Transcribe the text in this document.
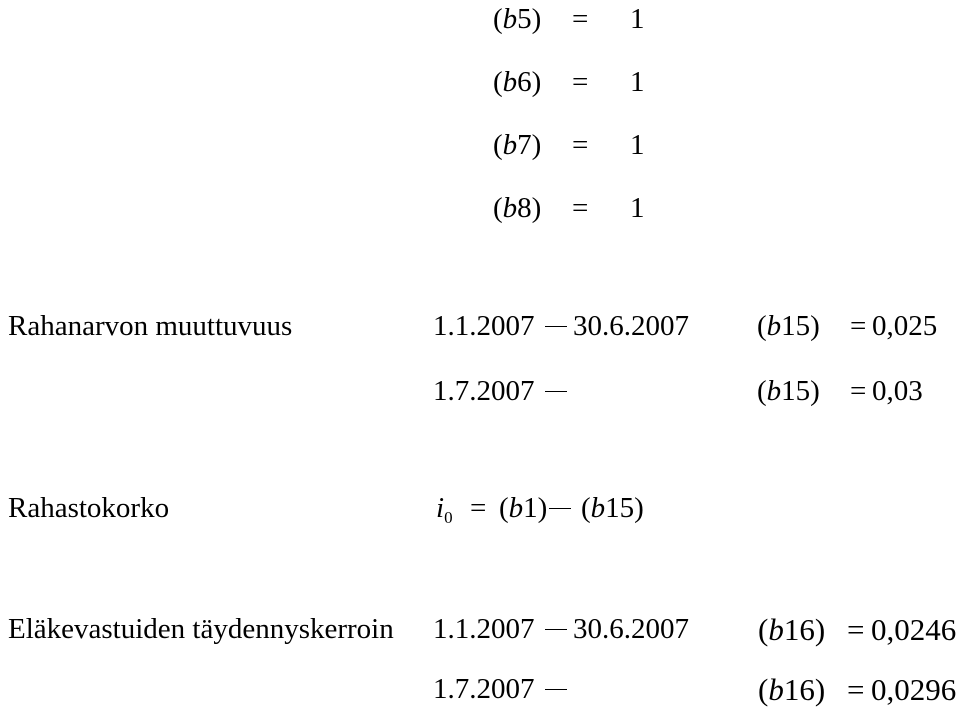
(b5) = 1
(b6) = 1
(b7) = 1
(b8) = 1
Rahanarvon muuttuvuus	1.1.2007 30.6.2007 (b15) = 0,025
1.7.2007	(b15) = 0,03
Rahastokorko	$i_0 = (b1)$ (b15)
Eläkevastuiden täydennyskerroin 1.1.2007 30.6.2007 (b16) = 0,0246
1.7.2007	(b16) = 0,0296
